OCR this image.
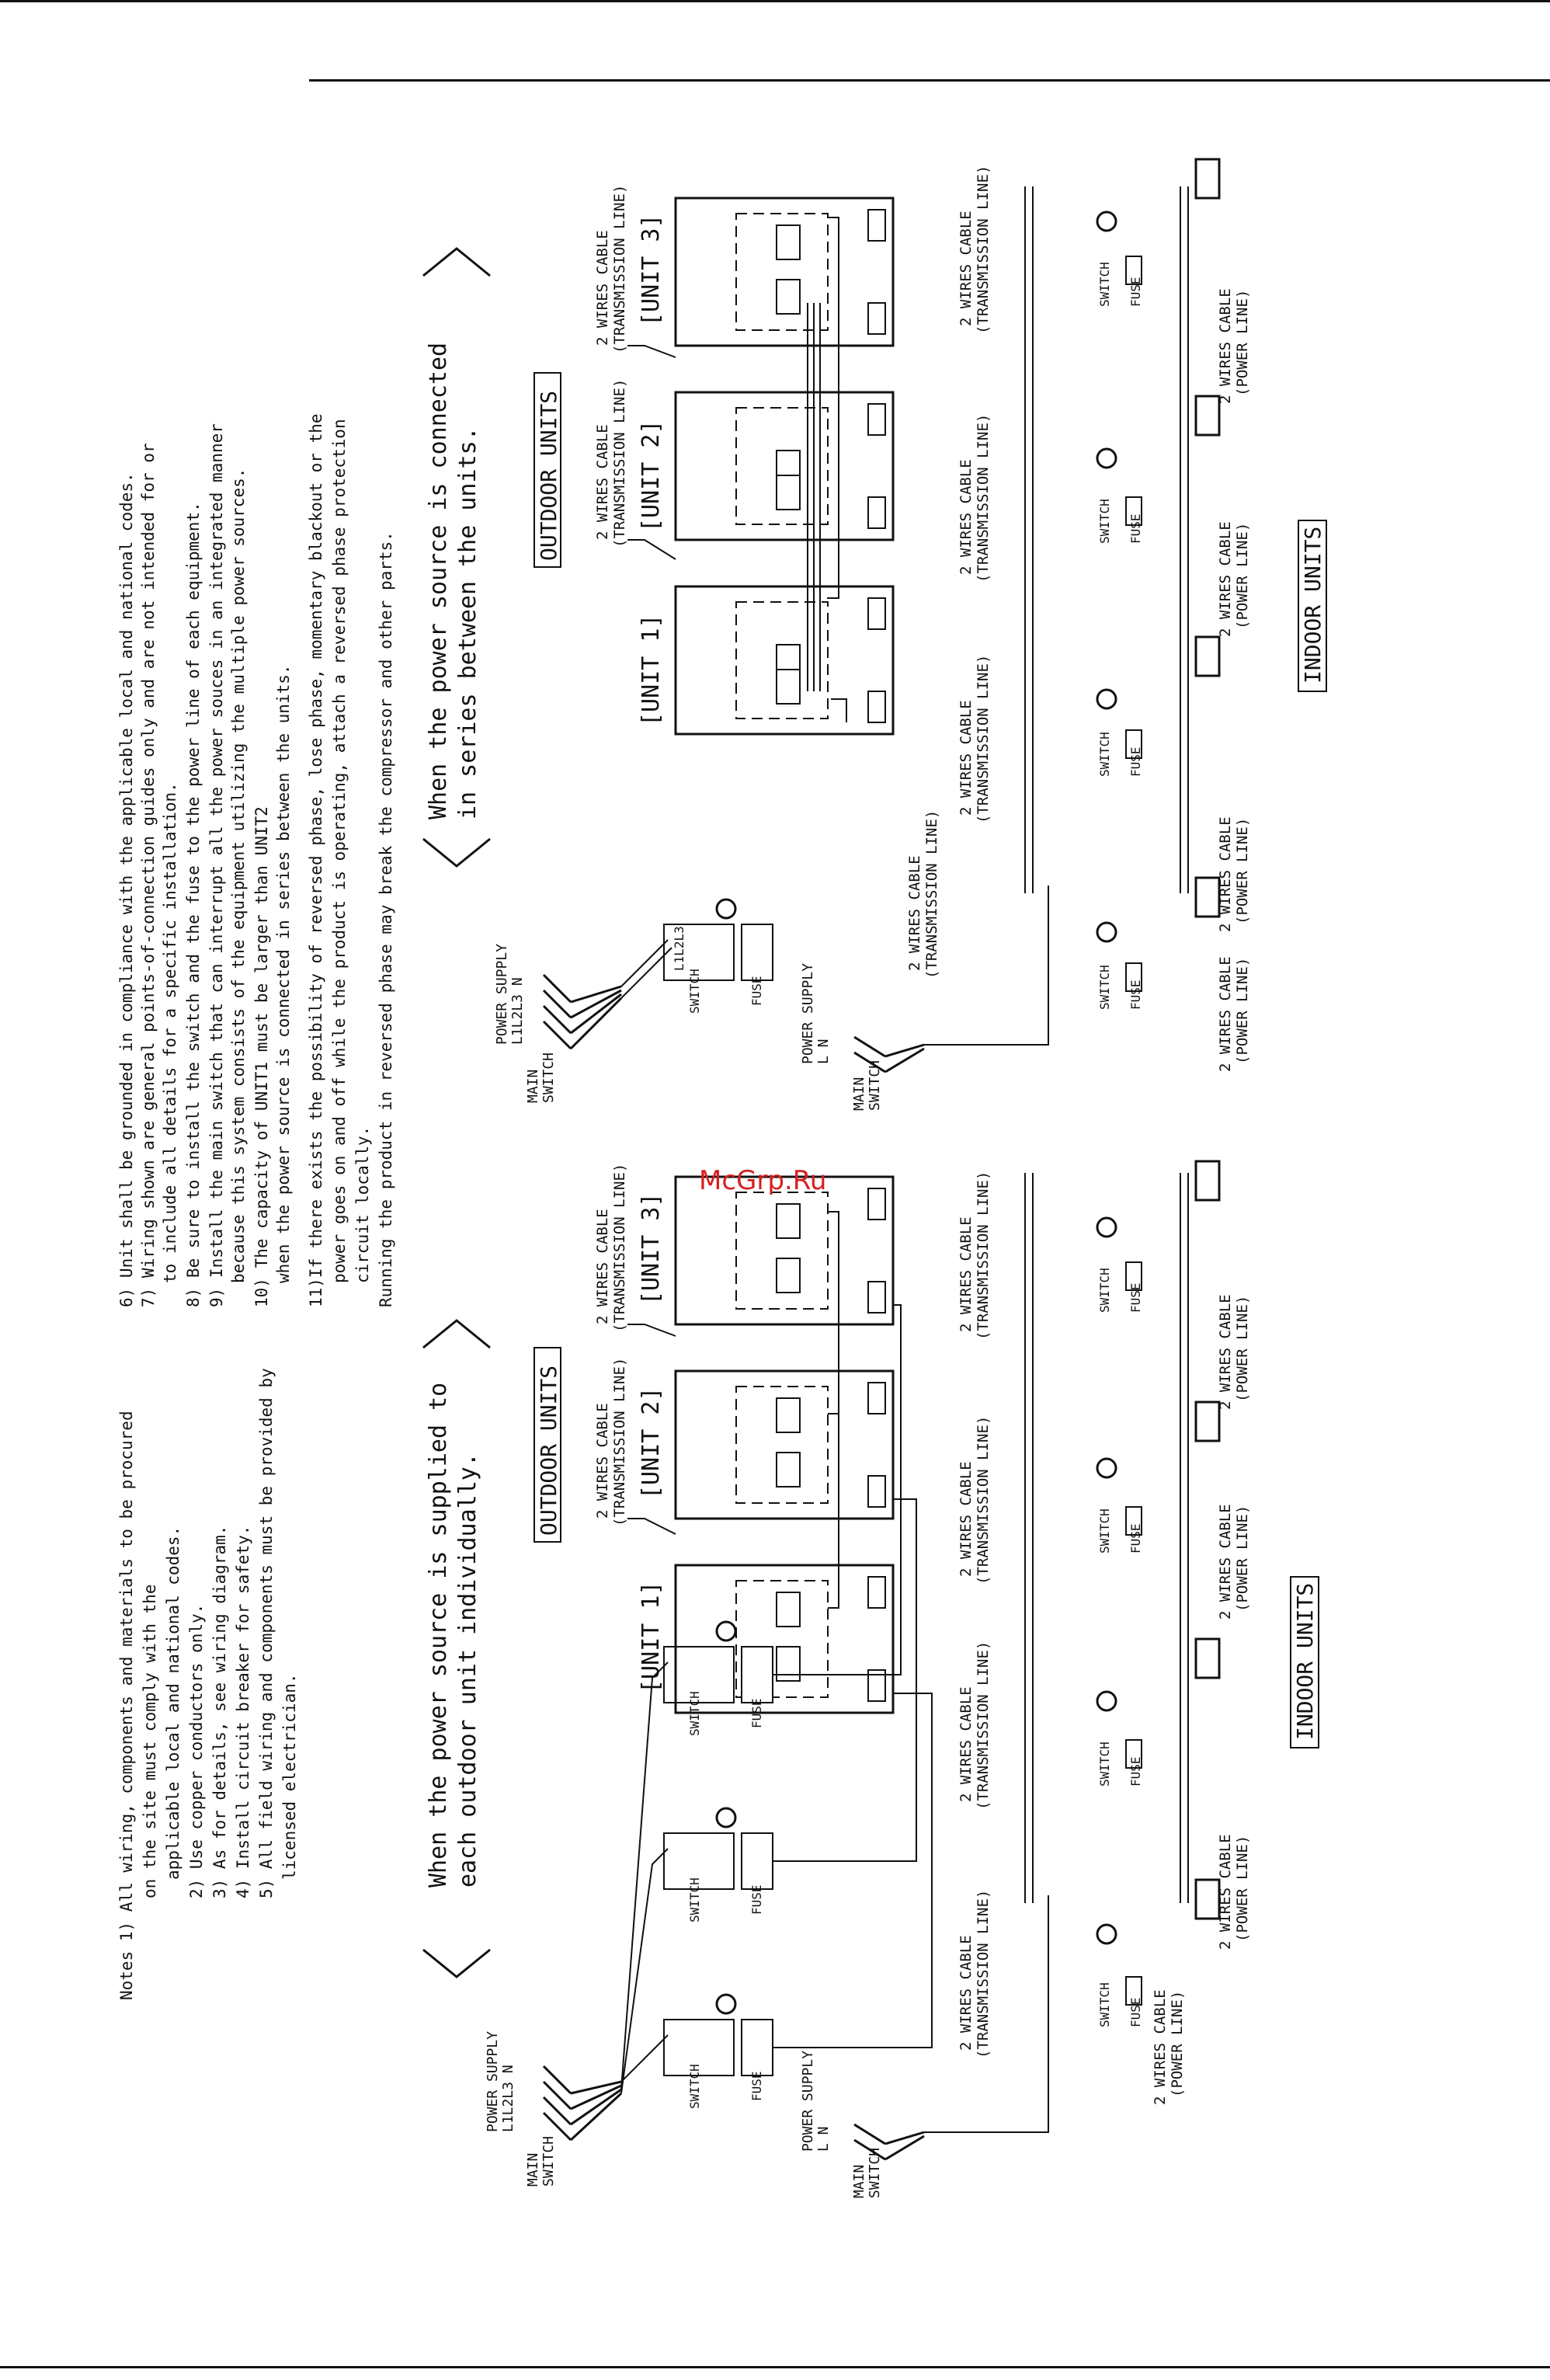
Notes 1) All wiring, components and materials to be procured on the site must comply with the applicable local and national codes. 2) Use copper conductors only. 3) As for details, see wiring diagram. 4) Install circuit breaker for safety. 5) All field wiring and components must be provided by licensed electrician.
6) Unit shall be grounded in compliance with the applicable local and national codes. 7) Wiring shown are general points-of-connection guides only and are not intended for or to include all details for a specific installation. 8) Be sure to install the switch and the fuse to the power line of each equipment. 9) Install the main switch that can interrupt all the power souces in an integrated manner because this system consists of the equipment utilizing the multiple power sources. 10) The capacity of UNIT1 must be larger than UNIT2 when the power source is connected in series between the units. 11)If there exists the possibility of reversed phase, lose phase, momentary blackout or the power goes on and off while the product is operating, attach a reversed phase protection circuit locally. Running the product in reversed phase may break the compressor and other parts.
When the power source is supplied to each outdoor unit individually.
When the power source is connected in series between the units.	[UNIT 1]
[UNIT 2]
[UNIT 3]
OUTDOOR UNITS
2 WIRES CABLE (TRANSMISSION LINE)
2 WIRES CABLE (TRANSMISSION LINE)
POWER SUPPLY L1L2L3 N
MAIN SWITCH
SWITCH	FUSE
L1L2L3
POWER SUPPLY L N
MAIN SWITCH
SWITCH FUSE
SWITCH FUSE
SWITCH FUSE
SWITCH FUSE
2 WIRES CABLE (TRANSMISSION LINE)
2 WIRES CABLE (TRANSMISSION LINE)
2 WIRES CABLE (TRANSMISSION LINE)
2 WIRES CABLE (TRANSMISSION LINE)
2 WIRES CABLE (POWER LINE)
2 WIRES CABLE (POWER LINE)
2 WIRES CABLE (POWER LINE)
2 WIRES CABLE (POWER LINE)
INDOOR UNITS
[UNIT 1]
[UNIT 2]
[UNIT 3]
OUTDOOR UNITS
2 WIRES CABLE (TRANSMISSION LINE)
2 WIRES CABLE (TRANSMISSION LINE)
POWER SUPPLY L1L2L3 N
MAIN SWITCH
SWITCH	FUSE
SWITCH	FUSE
SWITCH	FUSE
POWER SUPPLY L N
MAIN SWITCH
SWITCH FUSE
SWITCH FUSE
SWITCH FUSE
SWITCH FUSE
2 WIRES CABLE (TRANSMISSION LINE)
2 WIRES CABLE (TRANSMISSION LINE)
2 WIRES CABLE (TRANSMISSION LINE)
2 WIRES CABLE (TRANSMISSION LINE)
2 WIRES CABLE (POWER LINE)
2 WIRES CABLE (POWER LINE)
2 WIRES CABLE (POWER LINE)
2 WIRES CABLE (POWER LINE)
INDOOR UNITS
McGrp.Ru
